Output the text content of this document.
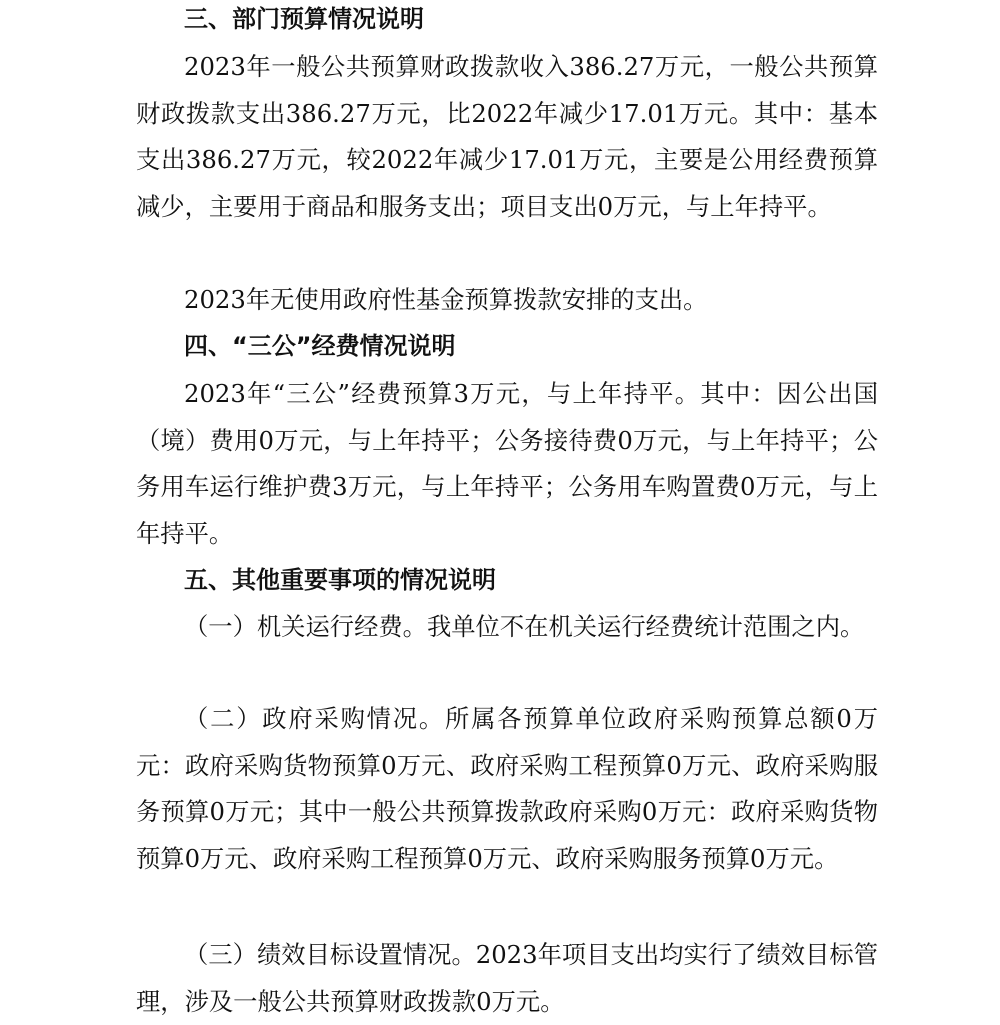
三、部门预算情况说明

2023年一般公共预算财政拨款收入386.27万元，一般公共预算财政拨款支出386.27万元，比2022年减少17.01万元。其中：基本支出386.27万元，较2022年减少17.01万元，主要是公用经费预算减少，主要用于商品和服务支出；项目支出0万元，与上年持平。

2023年无使用政府性基金预算拨款安排的支出。

四、“三公”经费情况说明

2023年“三公”经费预算3万元，与上年持平。其中：因公出国（境）费用0万元，与上年持平；公务接待费0万元，与上年持平；公务用车运行维护费3万元，与上年持平；公务用车购置费0万元，与上年持平。

五、其他重要事项的情况说明

（一）机关运行经费。我单位不在机关运行经费统计范围之内。

（二）政府采购情况。所属各预算单位政府采购预算总额0万元：政府采购货物预算0万元、政府采购工程预算0万元、政府采购服务预算0万元；其中一般公共预算拨款政府采购0万元：政府采购货物预算0万元、政府采购工程预算0万元、政府采购服务预算0万元。

（三）绩效目标设置情况。2023年项目支出均实行了绩效目标管理，涉及一般公共预算财政拨款0万元。
